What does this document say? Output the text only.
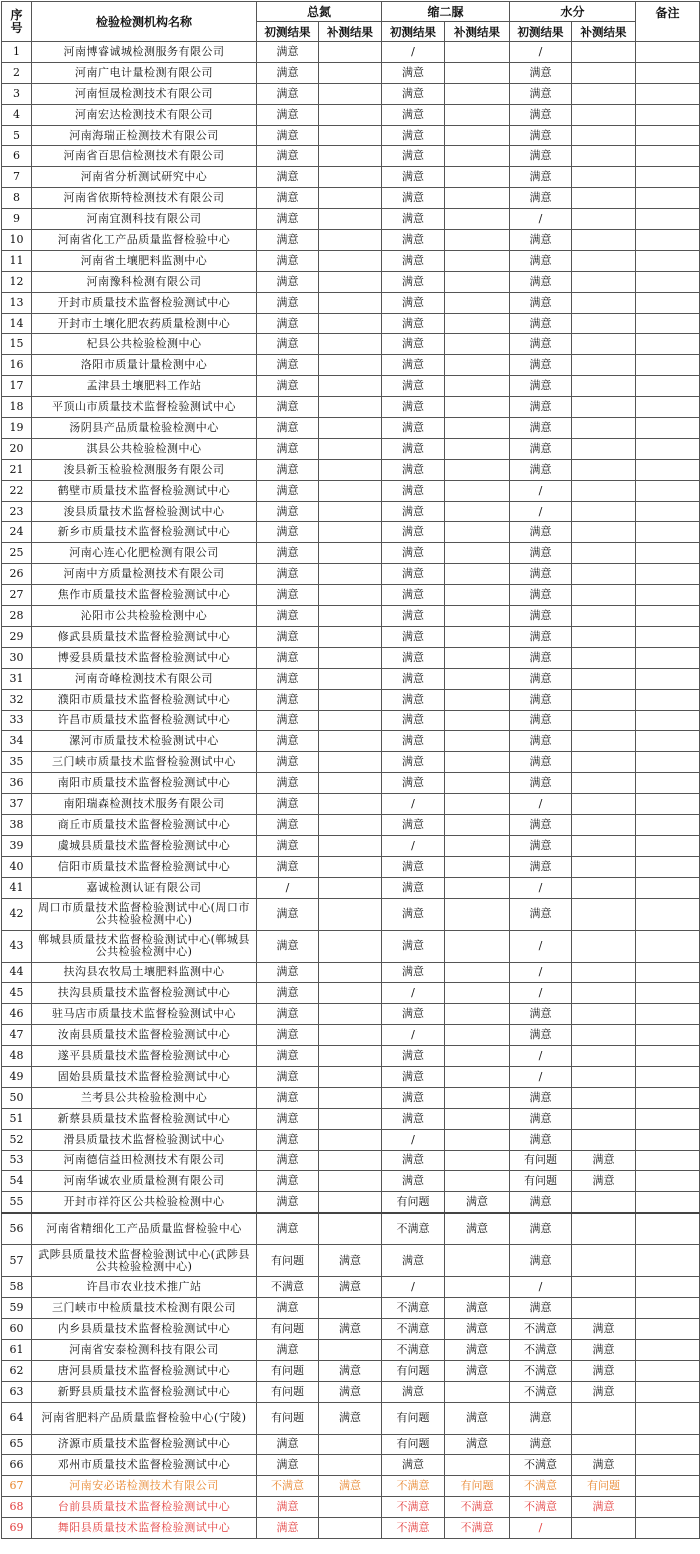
序号	检验检测机构名称	总氮		缩二脲		水分		备注
		初测结果	补测结果	初测结果	补测结果	初测结果	补测结果	
1	河南博睿诚城检测服务有限公司	满意		/		/		
2	河南广电计量检测有限公司	满意		满意		满意		
3	河南恒晟检测技术有限公司	满意		满意		满意		
4	河南宏达检测技术有限公司	满意		满意		满意		
5	河南海瑞正检测技术有限公司	满意		满意		满意		
6	河南省百思信检测技术有限公司	满意		满意		满意		
7	河南省分析测试研究中心	满意		满意		满意		
8	河南省依斯特检测技术有限公司	满意		满意		满意		
9	河南宜测科技有限公司	满意		满意		/		
10	河南省化工产品质量监督检验中心	满意		满意		满意		
11	河南省土壤肥料监测中心	满意		满意		满意		
12	河南豫科检测有限公司	满意		满意		满意		
13	开封市质量技术监督检验测试中心	满意		满意		满意		
14	开封市土壤化肥农药质量检测中心	满意		满意		满意		
15	杞县公共检验检测中心	满意		满意		满意		
16	洛阳市质量计量检测中心	满意		满意		满意		
17	孟津县土壤肥料工作站	满意		满意		满意		
18	平顶山市质量技术监督检验测试中心	满意		满意		满意		
19	汤阴县产品质量检验检测中心	满意		满意		满意		
20	淇县公共检验检测中心	满意		满意		满意		
21	浚县新玉检验检测服务有限公司	满意		满意		满意		
22	鹤壁市质量技术监督检验测试中心	满意		满意		/		
23	浚县质量技术监督检验测试中心	满意		满意		/		
24	新乡市质量技术监督检验测试中心	满意		满意		满意		
25	河南心连心化肥检测有限公司	满意		满意		满意		
26	河南中方质量检测技术有限公司	满意		满意		满意		
27	焦作市质量技术监督检验测试中心	满意		满意		满意		
28	沁阳市公共检验检测中心	满意		满意		满意		
29	修武县质量技术监督检验测试中心	满意		满意		满意		
30	博爱县质量技术监督检验测试中心	满意		满意		满意		
31	河南奇峰检测技术有限公司	满意		满意		满意		
32	濮阳市质量技术监督检验测试中心	满意		满意		满意		
33	许昌市质量技术监督检验测试中心	满意		满意		满意		
34	漯河市质量技术检验测试中心	满意		满意		满意		
35	三门峡市质量技术监督检验测试中心	满意		满意		满意		
36	南阳市质量技术监督检验测试中心	满意		满意		满意		
37	南阳瑞森检测技术服务有限公司	满意		/		/		
38	商丘市质量技术监督检验测试中心	满意		满意		满意		
39	虞城县质量技术监督检验测试中心	满意		/		满意		
40	信阳市质量技术监督检验测试中心	满意		满意		满意		
41	嘉诚检测认证有限公司	/		满意		/		
42	周口市质量技术监督检验测试中心(周口市公共检验检测中心)	满意		满意		满意		
43	郸城县质量技术监督检验测试中心(郸城县公共检验检测中心)	满意		满意		/		
44	扶沟县农牧局土壤肥料监测中心	满意		满意		/		
45	扶沟县质量技术监督检验测试中心	满意		/		/		
46	驻马店市质量技术监督检验测试中心	满意		满意		满意		
47	汝南县质量技术监督检验测试中心	满意		/		满意		
48	遂平县质量技术监督检验测试中心	满意		满意		/		
49	固始县质量技术监督检验测试中心	满意		满意		/		
50	兰考县公共检验检测中心	满意		满意		满意		
51	新蔡县质量技术监督检验测试中心	满意		满意		满意		
52	滑县质量技术监督检验测试中心	满意		/		满意		
53	河南德信益田检测技术有限公司	满意		满意		有问题	满意	
54	河南华诚农业质量检测有限公司	满意		满意		有问题	满意	
55	开封市祥符区公共检验检测中心	满意		有问题	满意	满意		
56	河南省精细化工产品质量监督检验中心	满意		不满意	满意	满意		
57	武陟县质量技术监督检验测试中心(武陟县公共检验检测中心)	有问题	满意	满意		满意		
58	许昌市农业技术推广站	不满意	满意	/		/		
59	三门峡市中检质量技术检测有限公司	满意		不满意	满意	满意		
60	内乡县质量技术监督检验测试中心	有问题	满意	不满意	满意	不满意	满意	
61	河南省安泰检测科技有限公司	满意		不满意	满意	不满意	满意	
62	唐河县质量技术监督检验测试中心	有问题	满意	有问题	满意	不满意	满意	
63	新野县质量技术监督检验测试中心	有问题	满意	满意		不满意	满意	
64	河南省肥料产品质量监督检验中心(宁陵)	有问题	满意	有问题	满意	满意		
65	济源市质量技术监督检验测试中心	满意		有问题	满意	满意		
66	邓州市质量技术监督检验测试中心	满意		满意		不满意	满意	
67	河南安必诺检测技术有限公司	不满意	满意	不满意	有问题	不满意	有问题	
68	台前县质量技术监督检验测试中心	满意		不满意	不满意	不满意	满意	
69	舞阳县质量技术监督检验测试中心	满意		不满意	不满意	/		
